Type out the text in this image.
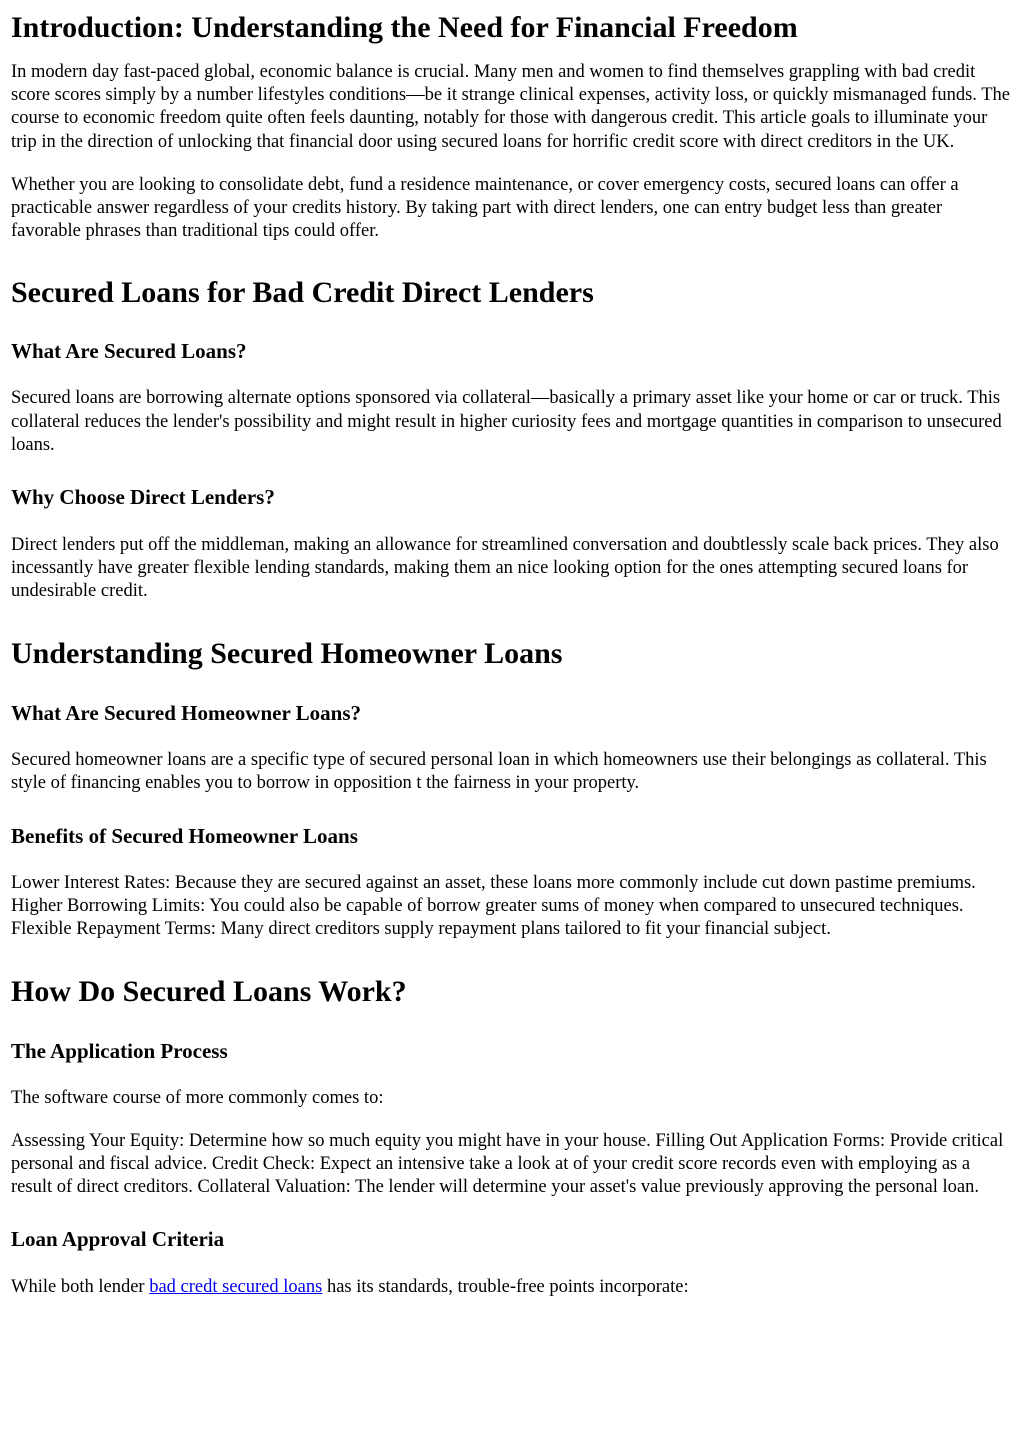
Introduction: Understanding the Need for Financial Freedom

In modern day fast-paced global, economic balance is crucial. Many men and women to find themselves grappling with bad credit score scores simply by a number lifestyles conditions—be it strange clinical expenses, activity loss, or quickly mismanaged funds. The course to economic freedom quite often feels daunting, notably for those with dangerous credit. This article goals to illuminate your trip in the direction of unlocking that financial door using secured loans for horrific credit score with direct creditors in the UK.

Whether you are looking to consolidate debt, fund a residence maintenance, or cover emergency costs, secured loans can offer a practicable answer regardless of your credits history. By taking part with direct lenders, one can entry budget less than greater favorable phrases than traditional tips could offer.

Secured Loans for Bad Credit Direct Lenders
What Are Secured Loans?

Secured loans are borrowing alternate options sponsored via collateral—basically a primary asset like your home or car or truck. This collateral reduces the lender's possibility and might result in higher curiosity fees and mortgage quantities in comparison to unsecured loans.

Why Choose Direct Lenders?

Direct lenders put off the middleman, making an allowance for streamlined conversation and doubtlessly scale back prices. They also incessantly have greater flexible lending standards, making them an nice looking option for the ones attempting secured loans for undesirable credit.

Understanding Secured Homeowner Loans
What Are Secured Homeowner Loans?

Secured homeowner loans are a specific type of secured personal loan in which homeowners use their belongings as collateral. This style of financing enables you to borrow in opposition t the fairness in your property.

Benefits of Secured Homeowner Loans

Lower Interest Rates: Because they are secured against an asset, these loans more commonly include cut down pastime premiums. Higher Borrowing Limits: You could also be capable of borrow greater sums of money when compared to unsecured techniques. Flexible Repayment Terms: Many direct creditors supply repayment plans tailored to fit your financial subject.

How Do Secured Loans Work?
The Application Process

The software course of more commonly comes to:

Assessing Your Equity: Determine how so much equity you might have in your house. Filling Out Application Forms: Provide critical personal and fiscal advice. Credit Check: Expect an intensive take a look at of your credit score records even with employing as a result of direct creditors. Collateral Valuation: The lender will determine your asset's value previously approving the personal loan.

Loan Approval Criteria

While both lender bad credt secured loans has its standards, trouble-free points incorporate:
